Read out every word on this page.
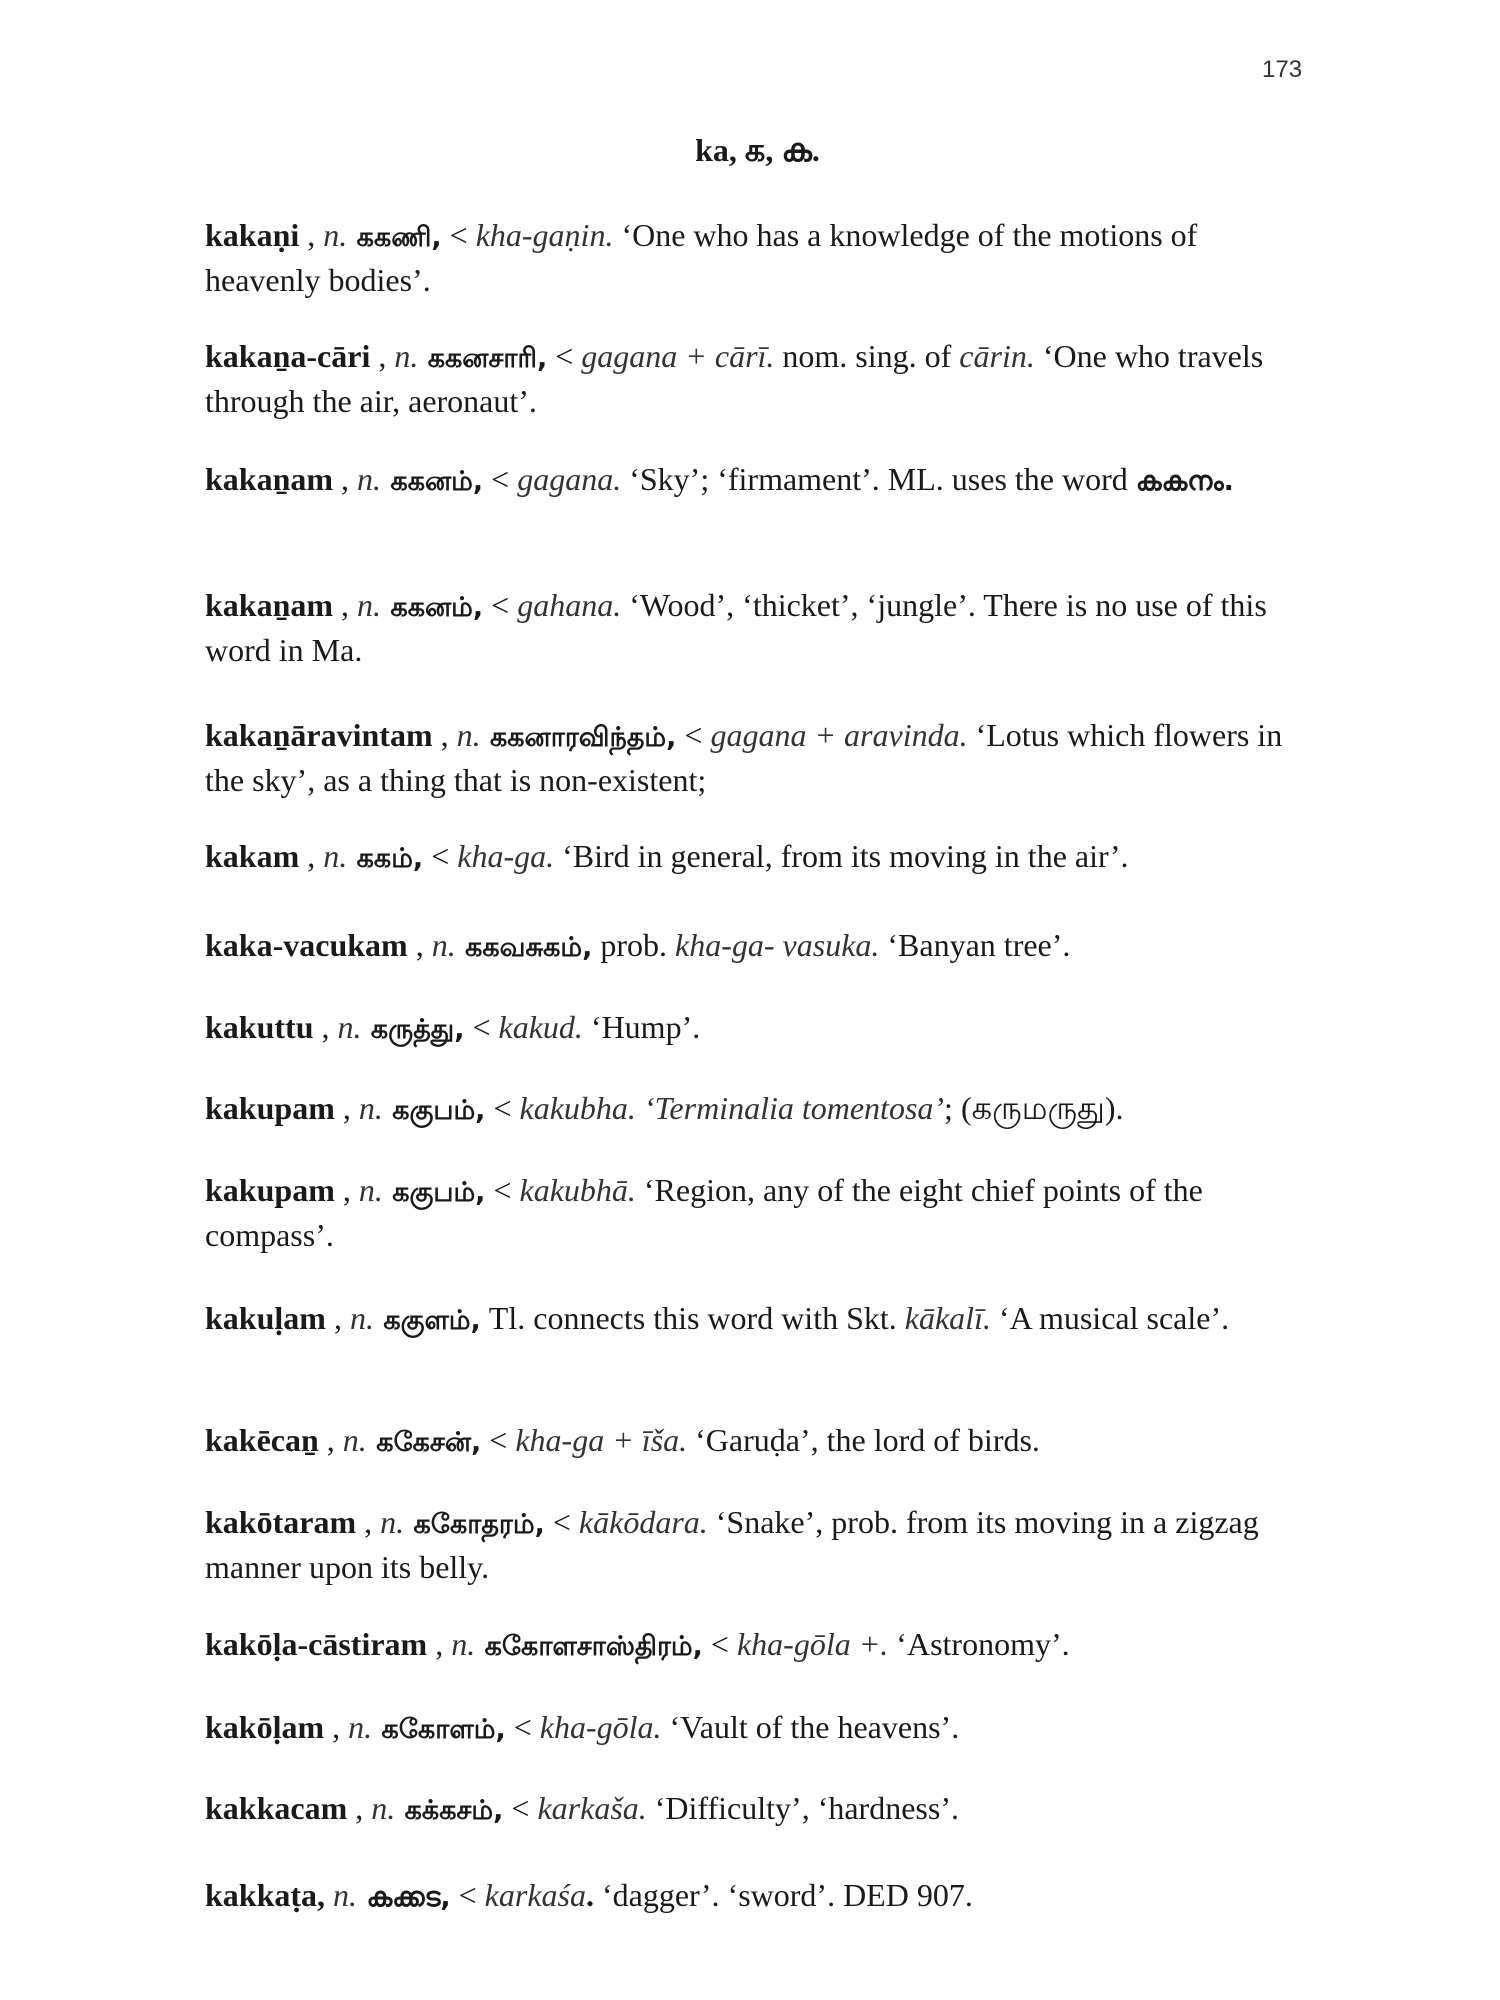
173
ka, க, ക.
kakaṇi , n. ககணி, < kha-gaṇin. ‘One who has a knowledge of the motions of heavenly bodies’.
kakaṉa-cāri , n. ககனசாரி, < gagana + cārī. nom. sing. of cārin. ‘One who travels through the air, aeronaut’.
kakaṉam , n. ககனம், < gagana. ‘Sky’; ‘firmament’. ML. uses the word കകനം.
kakaṉam , n. ககனம், < gahana. ‘Wood’, ‘thicket’, ‘jungle’. There is no use of this word in Ma.
kakaṉāravintam , n. ககனாரவிந்தம், < gagana + aravinda. ‘Lotus which flowers in the sky’, as a thing that is non-existent;
kakam , n. ககம், < kha-ga. ‘Bird in general, from its moving in the air’.
kaka-vacukam , n. ககவசுகம், prob. kha-ga- vasuka. ‘Banyan tree’.
kakuttu , n. கருத்து, < kakud. ‘Hump’.
kakupam , n. ககுபம், < kakubha. ‘Terminalia tomentosa’; (கருமருது).
kakupam , n. ககுபம், < kakubhā. ‘Region, any of the eight chief points of the compass’.
kakuḷam , n. ககுளம், Tl. connects this word with Skt. kākalī. ‘A musical scale’.
kakēcaṉ , n. ககேசன், < kha-ga + īša. ‘Garuḍa’, the lord of birds.
kakōtaram , n. ககோதரம், < kākōdara. ‘Snake’, prob. from its moving in a zigzag manner upon its belly.
kakōḷa-cāstiram , n. ககோளசாஸ்திரம், < kha-gōla +. ‘Astronomy’.
kakōḷam , n. ககோளம், < kha-gōla. ‘Vault of the heavens’.
kakkacam , n. கக்கசம், < karkaša. ‘Difficulty’, ‘hardness’.
kakkaṭa, n. കക്കട, < karkaśa. ‘dagger’. ‘sword’. DED 907.
